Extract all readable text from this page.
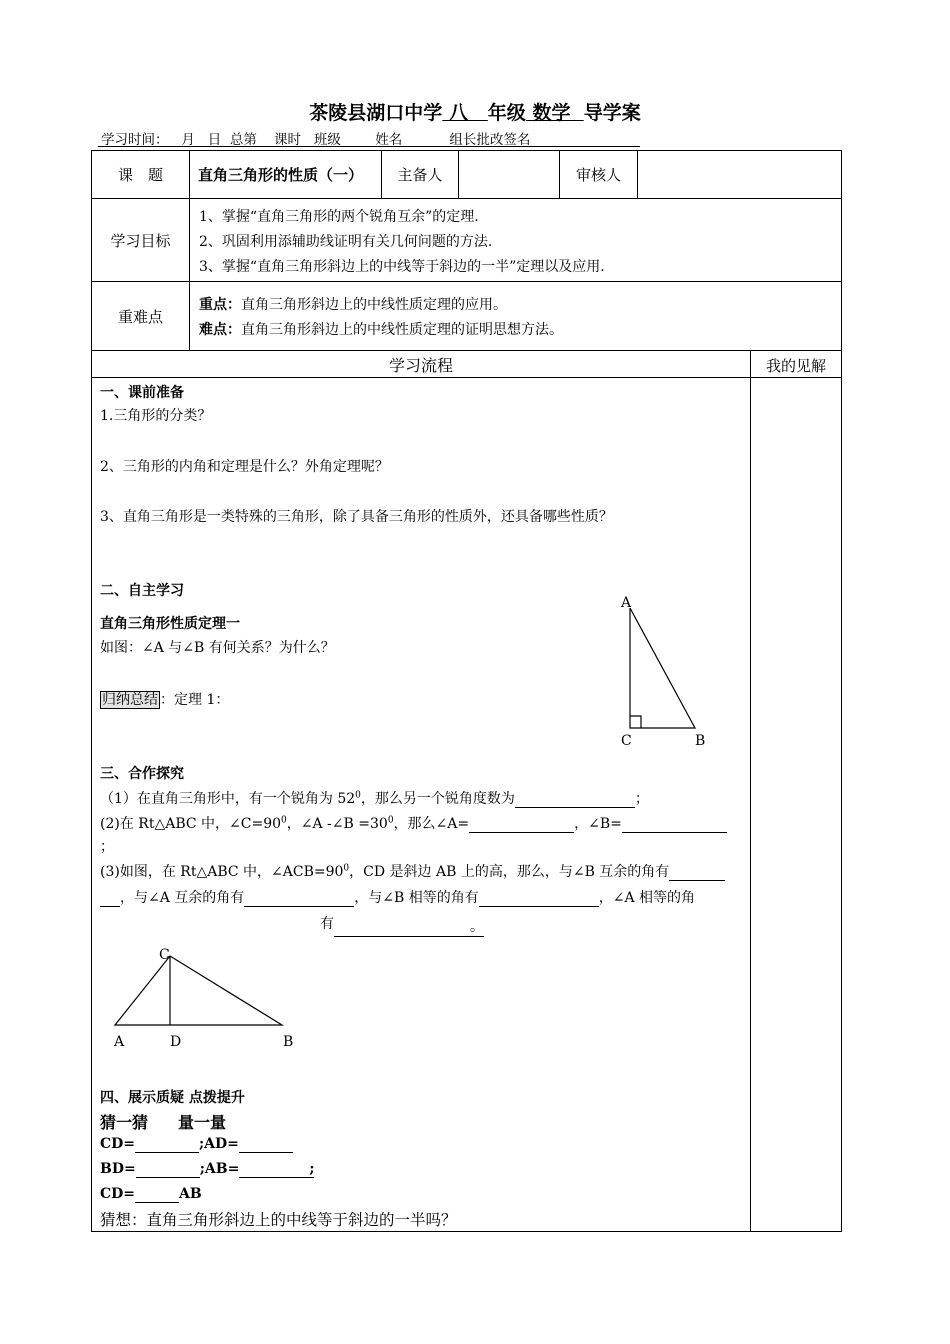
茶陵县湖口中学 八 年级 数学 导学案
学习时间：   月   日  总第    课时   班级        姓名           组长批改签名
课　题	直角三角形的性质（一）	主备人	审核人
学习目标
1、掌握“直角三角形的两个锐角互余”的定理.
2、巩固利用添辅助线证明有关几何问题的方法.
3、掌握“直角三角形斜边上的中线等于斜边的一半”定理以及应用.
重难点
重点：直角三角形斜边上的中线性质定理的应用。
难点：直角三角形斜边上的中线性质定理的证明思想方法。
学习流程	我的见解
一、课前准备
1.三角形的分类？
2、三角形的内角和定理是什么？外角定理呢？
3、直角三角形是一类特殊的三角形，除了具备三角形的性质外，还具备哪些性质？
二、自主学习
直角三角形性质定理一
如图：∠A 与∠B 有何关系？为什么？
归纳总结 ：定理 1：
A
C	B
三、合作探究
（1）在直角三角形中，有一个锐角为 $52^0$，那么另一个锐角度数为	；
(2)在 Rt△ABC 中，$\angle C=90^0$，∠A -∠B $=30^0$，那么∠A=	，∠B=
；
(3)如图，在 Rt△ABC 中，$\angle ACB=90^0$，CD 是斜边 AB 上的高，那么，与∠B 互余的角有
，与∠A 互余的角有	，与∠B 相等的角有	，∠A 相等的角
有	。
C
A	D	B
四、展示质疑 点拨提升
猜一猜 量一量
CD=	;AD=
BD=	;AB=	;
CD=	AB
猜想：直角三角形斜边上的中线等于斜边的一半吗？
